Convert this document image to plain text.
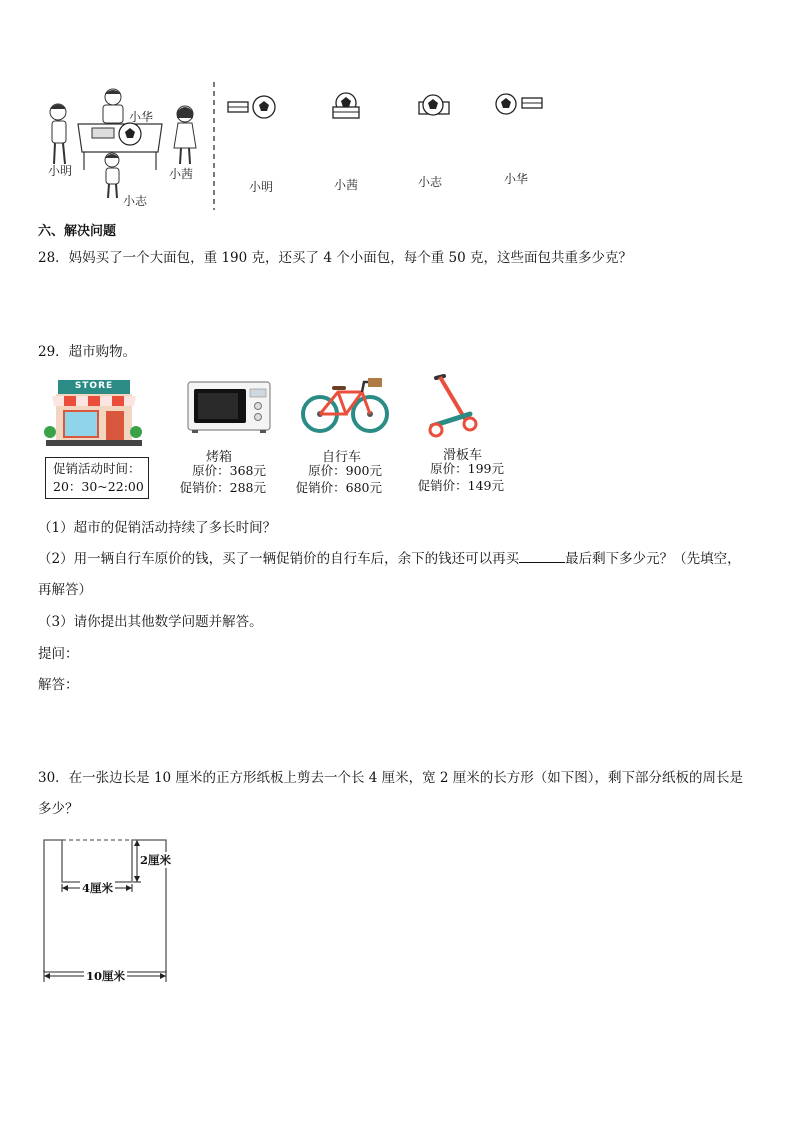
小明
小华
小茜
小志
小明	小茜	小志	小华
六、解决问题
28．妈妈买了一个大面包，重 190 克，还买了 4 个小面包，每个重 50 克，这些面包共重多少克？
29．超市购物。
STORE
烤箱
原价：368元
促销价：288元
自行车
原价：900元
促销价：680元
滑板车
原价：199元
促销价：149元
促销活动时间：
20：30~22:00
（1）超市的促销活动持续了多长时间？
（2）用一辆自行车原价的钱，买了一辆促销价的自行车后，余下的钱还可以再买	最后剩下多少元？（先填空，
再解答）
（3）请你提出其他数学问题并解答。
提问：
解答：
30．在一张边长是 10 厘米的正方形纸板上剪去一个长 4 厘米，宽 2 厘米的长方形（如下图），剩下部分纸板的周长是
多少？
2厘米
4厘米
10厘米
